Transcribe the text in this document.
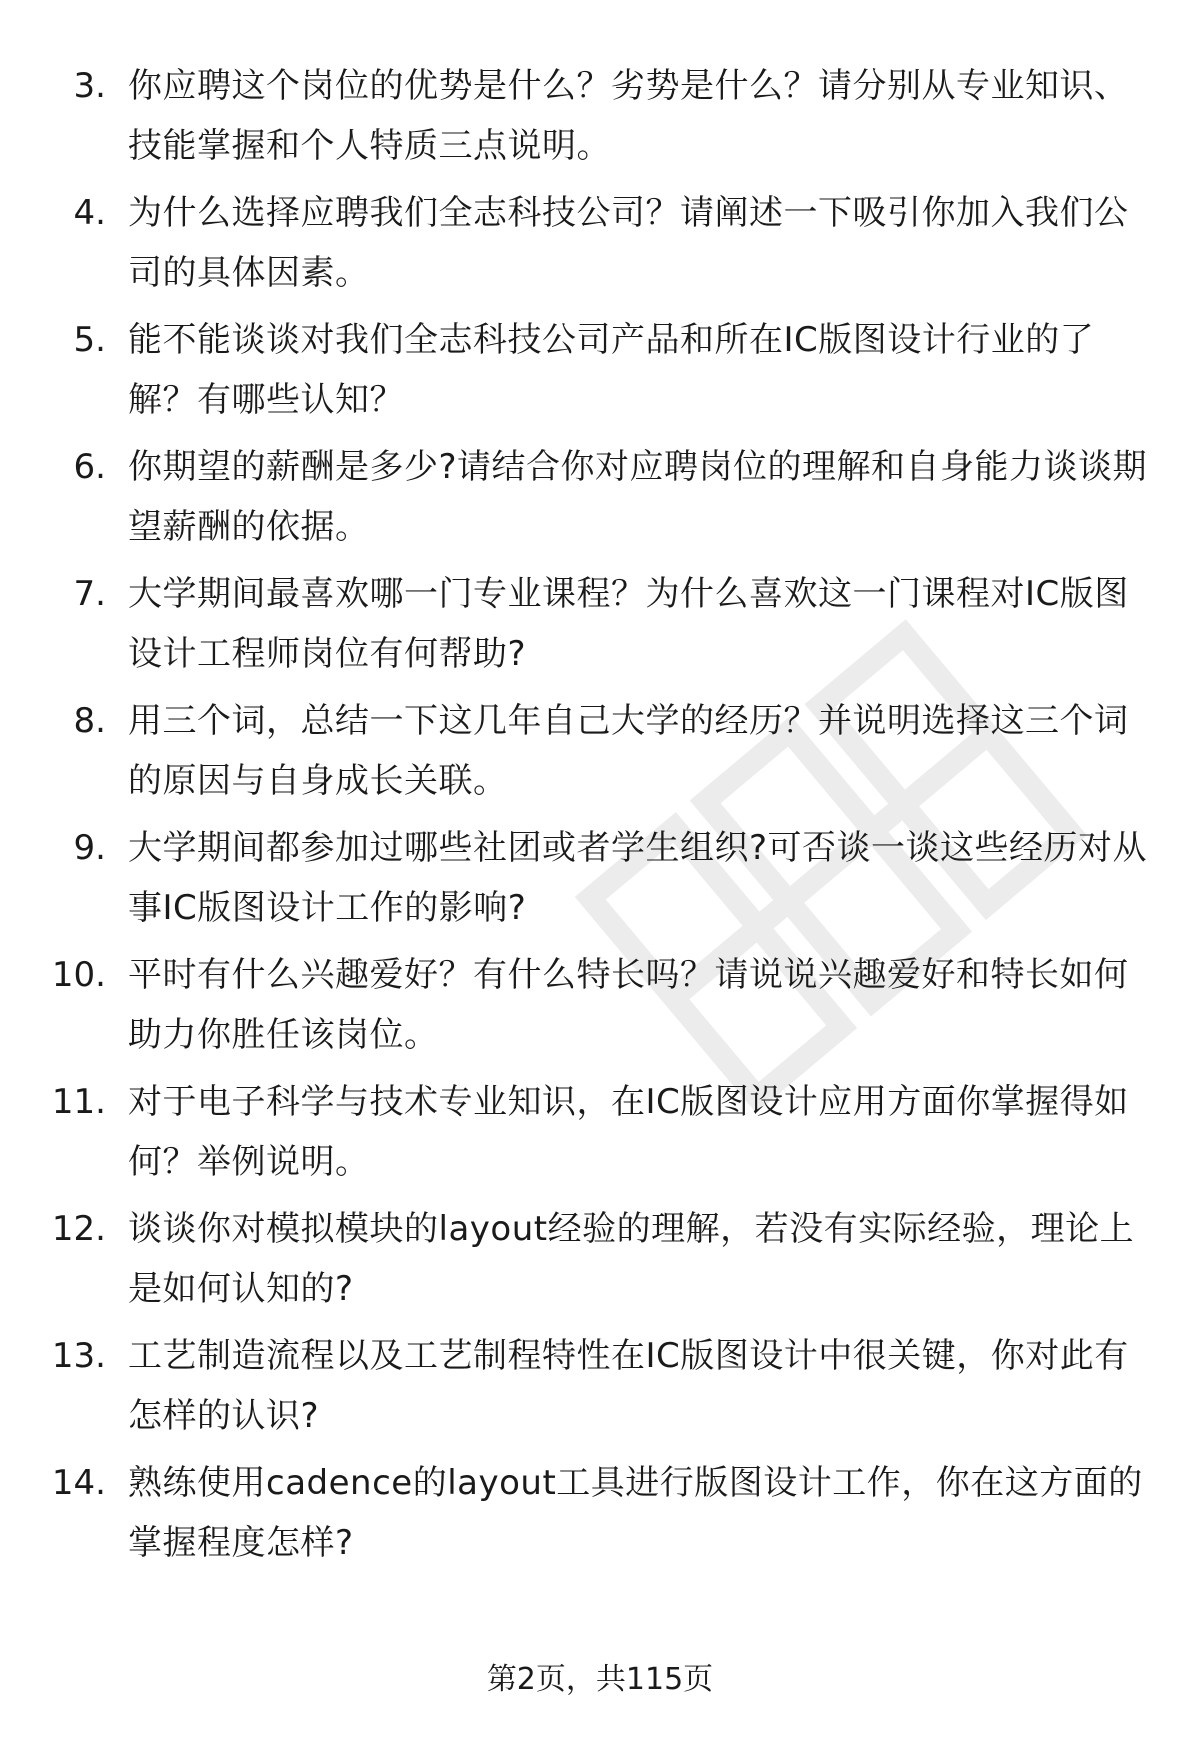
3. 你应聘这个岗位的优势是什么？劣势是什么？请分别从专业知识、技能掌握和个人特质三点说明。
4. 为什么选择应聘我们全志科技公司？请阐述一下吸引你加入我们公司的具体因素。
5. 能不能谈谈对我们全志科技公司产品和所在IC版图设计行业的了解？有哪些认知？
6. 你期望的薪酬是多少?请结合你对应聘岗位的理解和自身能力谈谈期望薪酬的依据。
7. 大学期间最喜欢哪一门专业课程？为什么喜欢这一门课程对IC版图设计工程师岗位有何帮助?
8. 用三个词，总结一下这几年自己大学的经历？并说明选择这三个词的原因与自身成长关联。
9. 大学期间都参加过哪些社团或者学生组织?可否谈一谈这些经历对从事IC版图设计工作的影响?
10. 平时有什么兴趣爱好？有什么特长吗？请说说兴趣爱好和特长如何助力你胜任该岗位。
11. 对于电子科学与技术专业知识，在IC版图设计应用方面你掌握得如何？举例说明。
12. 谈谈你对模拟模块的layout经验的理解，若没有实际经验，理论上是如何认知的?
13. 工艺制造流程以及工艺制程特性在IC版图设计中很关键，你对此有怎样的认识?
14. 熟练使用cadence的layout工具进行版图设计工作，你在这方面的掌握程度怎样?
第2页，共115页
